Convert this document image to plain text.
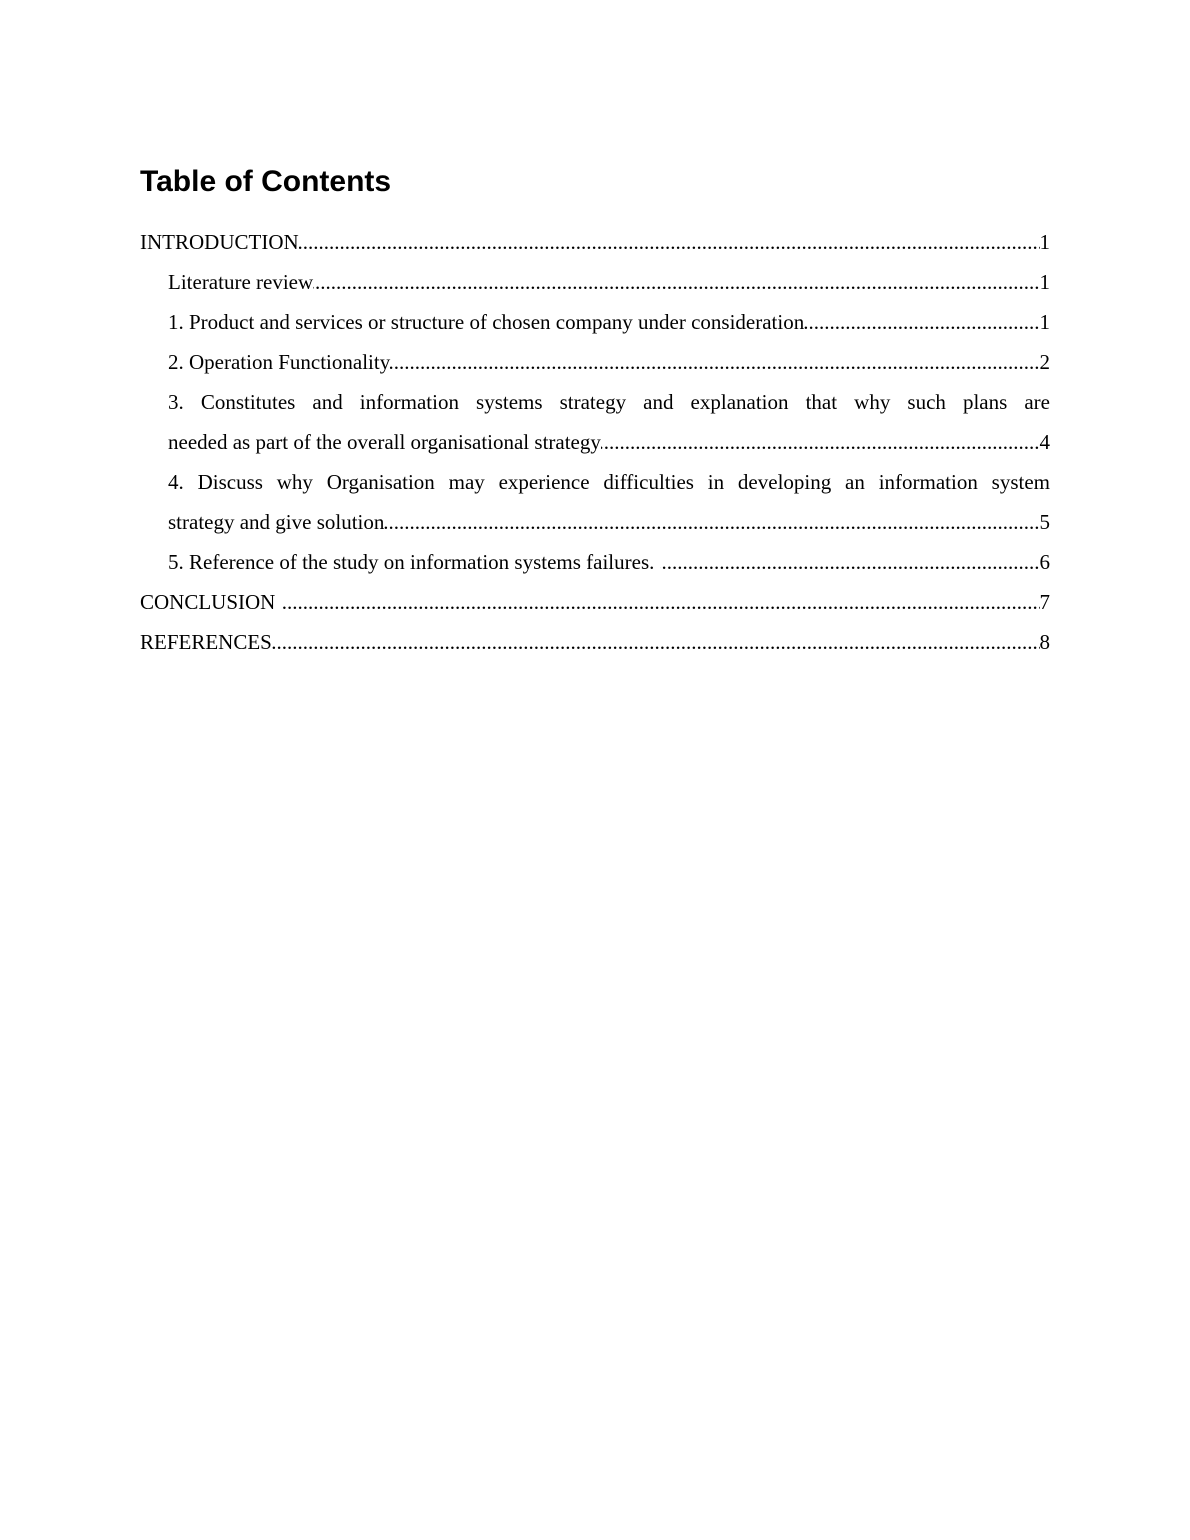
Table of Contents
INTRODUCTION .....	1
Literature review .....	1
1. Product and services or structure of chosen company under consideration .....	1
2. Operation Functionality .....	2
3. Constitutes and information systems strategy and explanation that why such plans are
needed as part of the overall organisational strategy .....	4
4. Discuss why Organisation may experience difficulties in developing an information system
strategy and give solution .....	5
5. Reference of the study on information systems failures.  .....	6
CONCLUSION  .....	7
REFERENCES .....	8
